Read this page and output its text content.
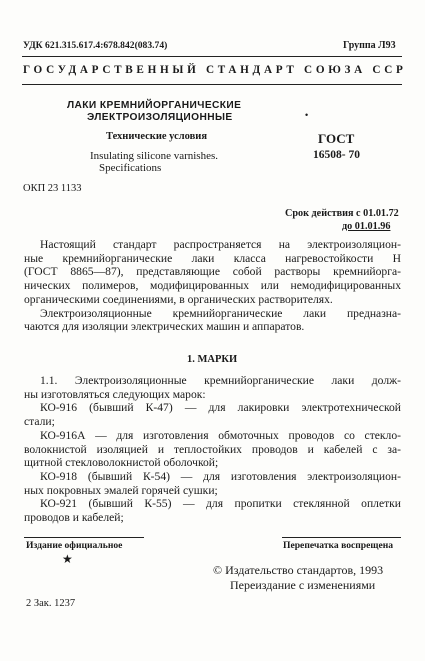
УДК 621.315.617.4:678.842(083.74)	Группа Л93
ГОСУДАРСТВЕННЫЙ СТАНДАРТ СОЮЗА ССР
ЛАКИ КРЕМНИЙОРГАНИЧЕСКИЕ
ЭЛЕКТРОИЗОЛЯЦИОННЫЕ	•
Технические условия	ГОСТ
16508- 70
Insulating silicone varnishes.
Specifications
ОКП 23 1133
Срок действия с 01.01.72
до 01.01.96

Настоящий стандарт распространяется на электроизоляцион-

ные кремнийорганические лаки класса нагревостойкости Н

(ГОСТ 8865—87), представляющие собой растворы кремнийоргa-

нических полимеров, модифицированных или немодифицированных

органическими соединениями, в органических растворителях.

Электроизоляционные кремнийорганические лаки предназна-

чаются для изоляции электрических машин и аппаратов.

1. МАРКИ

1.1. Электроизоляционные кремнийорганические лаки долж-

ны изготовляться следующих марок:

КО-916 (бывший К-47) — для лакировки электротехнической

стали;

КО-916А — для изготовления обмоточных проводов со стекло-

волокнистой изоляцией и теплостойких проводов и кабелей с за-

щитной стекловолокнистой оболочкой;

КО-918 (бывший К-54) — для изготовления электроизоляцион-

ных покровных эмалей горячей сушки;

КО-921 (бывший К-55) — для пропитки стеклянной оплетки

проводов и кабелей;

Издание официальное	Перепечатка воспрещена
★
© Издательство стандартов, 1993
Переиздание с изменениями
2 Зак. 1237
